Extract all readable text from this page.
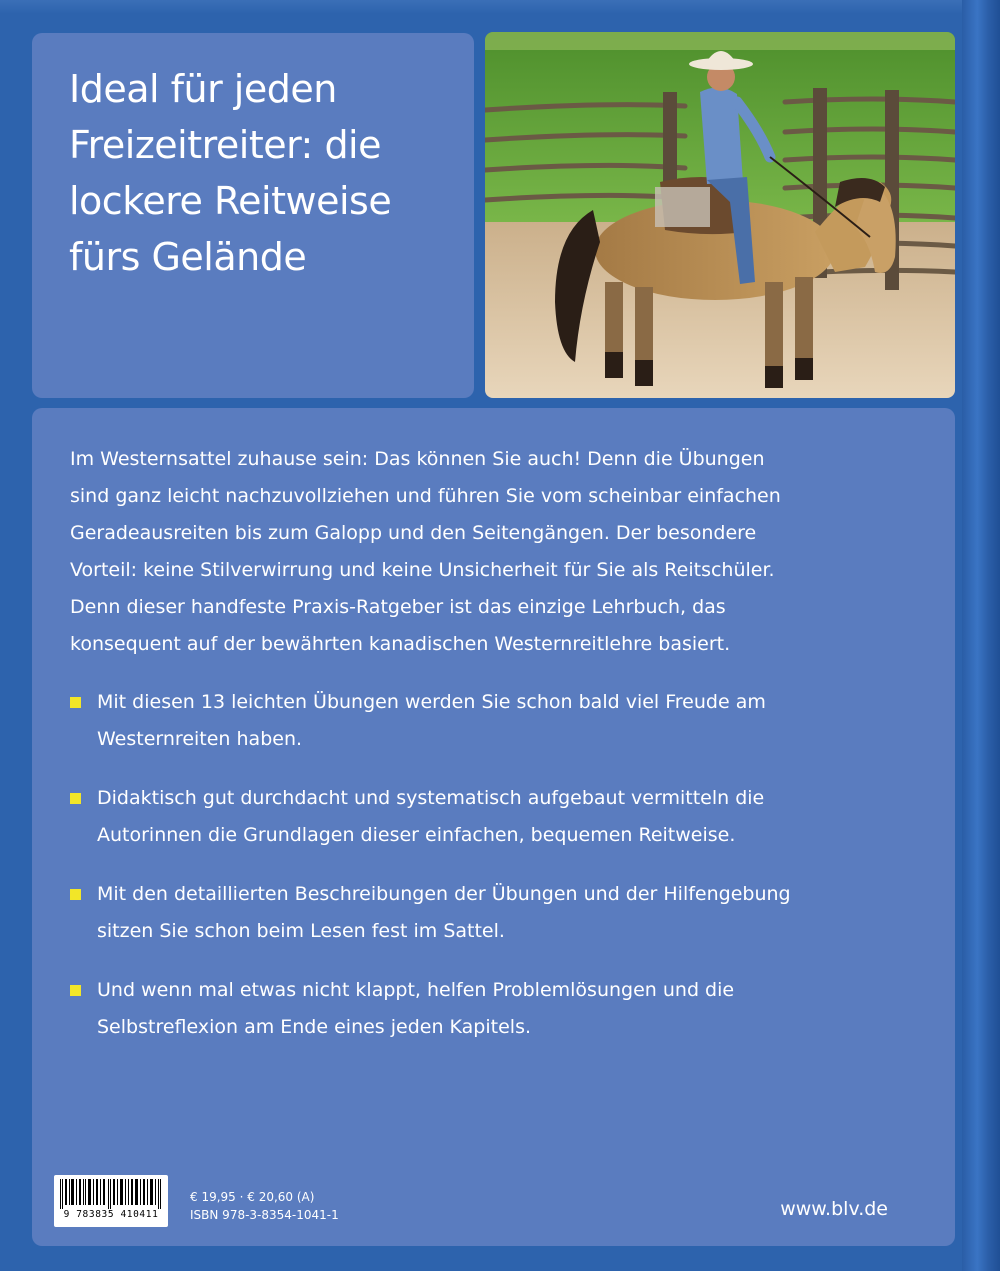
Ideal für jeden Freizeitreiter: die lockere Reitweise fürs Gelände

Im Westernsattel zuhause sein: Das können Sie auch! Denn die Übungen sind ganz leicht nachzuvollziehen und führen Sie vom scheinbar einfachen Geradeausreiten bis zum Galopp und den Seitengängen. Der besondere Vorteil: keine Stilverwirrung und keine Unsicherheit für Sie als Reitschüler. Denn dieser handfeste Praxis-Ratgeber ist das einzige Lehrbuch, das konsequent auf der bewährten kanadischen Westernreitlehre basiert.

Mit diesen 13 leichten Übungen werden Sie schon bald viel Freude am Westernreiten haben.
Didaktisch gut durchdacht und systematisch aufgebaut vermitteln die Autorinnen die Grundlagen dieser einfachen, bequemen Reitweise.
Mit den detaillierten Beschreibungen der Übungen und der Hilfengebung sitzen Sie schon beim Lesen fest im Sattel.
Und wenn mal etwas nicht klappt, helfen Problemlösungen und die Selbstreflexion am Ende eines jeden Kapitels.
9 783835 410411
€ 19,95 · € 20,60 (A)
ISBN 978-3-8354-1041-1	www.blv.de
